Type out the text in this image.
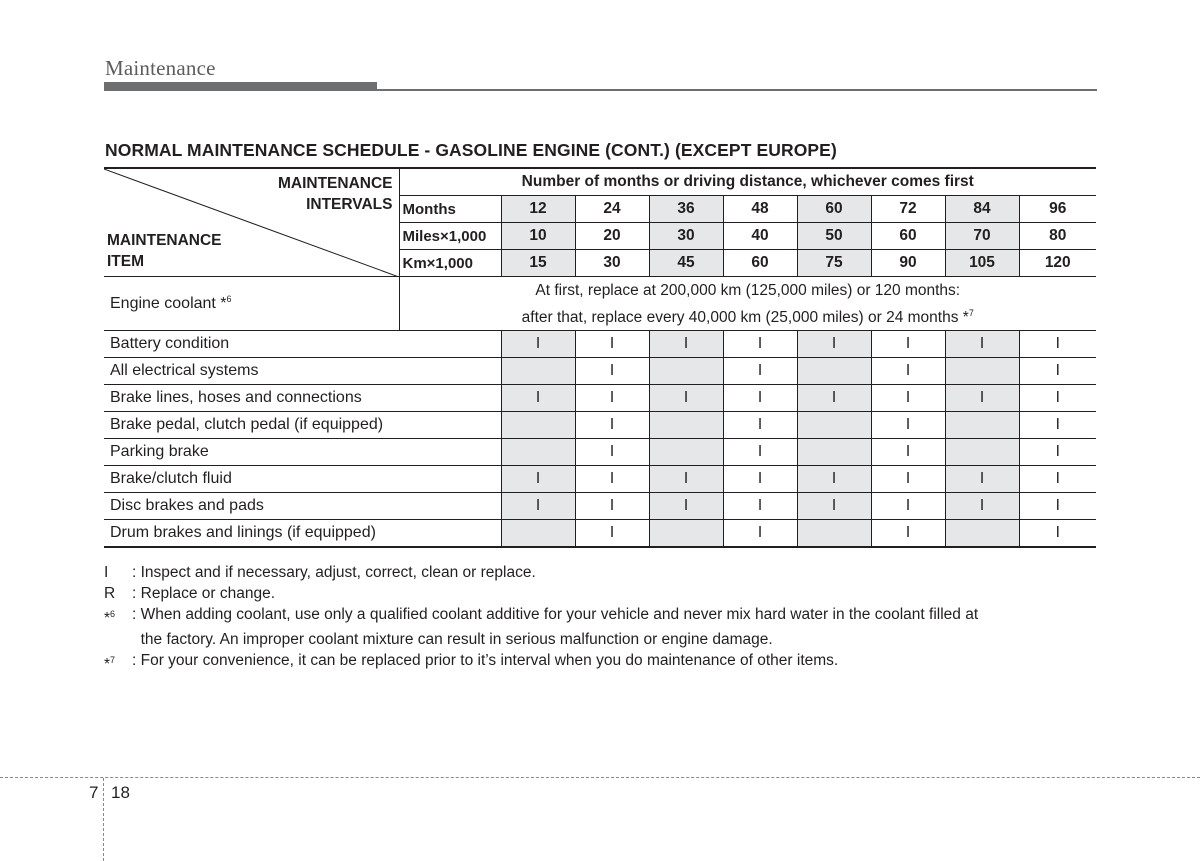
Maintenance
NORMAL MAINTENANCE SCHEDULE - GASOLINE ENGINE (CONT.) (EXCEPT EUROPE)
MAINTENANCE
INTERVALS
MAINTENANCE
ITEM	Number of months or driving distance, whichever comes first								
	Months	12	24	36	48	60	72	84	96
	Miles×1,000	10	20	30	40	50	60	70	80
	Km×1,000	15	30	45	60	75	90	105	120
Engine coolant *$^6$	At first, replace at 200,000 km (125,000 miles) or 120 months:
after that, replace every 40,000 km (25,000 miles) or 24 months *$^7$

Battery condition		I	I	I	I	I	I	I	I
All electrical systems			I		I		I		I
Brake lines, hoses and connections		I	I	I	I	I	I	I	I
Brake pedal, clutch pedal (if equipped)			I		I		I		I
Parking brake			I		I		I		I
Brake/clutch fluid		I	I	I	I	I	I	I	I
Disc brakes and pads		I	I	I	I	I	I	I	I
Drum brakes and linings (if equipped)			I		I		I		I
I	: Inspect and if necessary, adjust, correct, clean or replace.
R	: Replace or change.
*$^6$	: When adding coolant, use only a qualified coolant additive for your vehicle and never mix hard water in the coolant filled at
the factory. An improper coolant mixture can result in serious malfunction or engine damage.
*$^7$	: For your convenience, it can be replaced prior to it’s interval when you do maintenance of other items.
7 18
